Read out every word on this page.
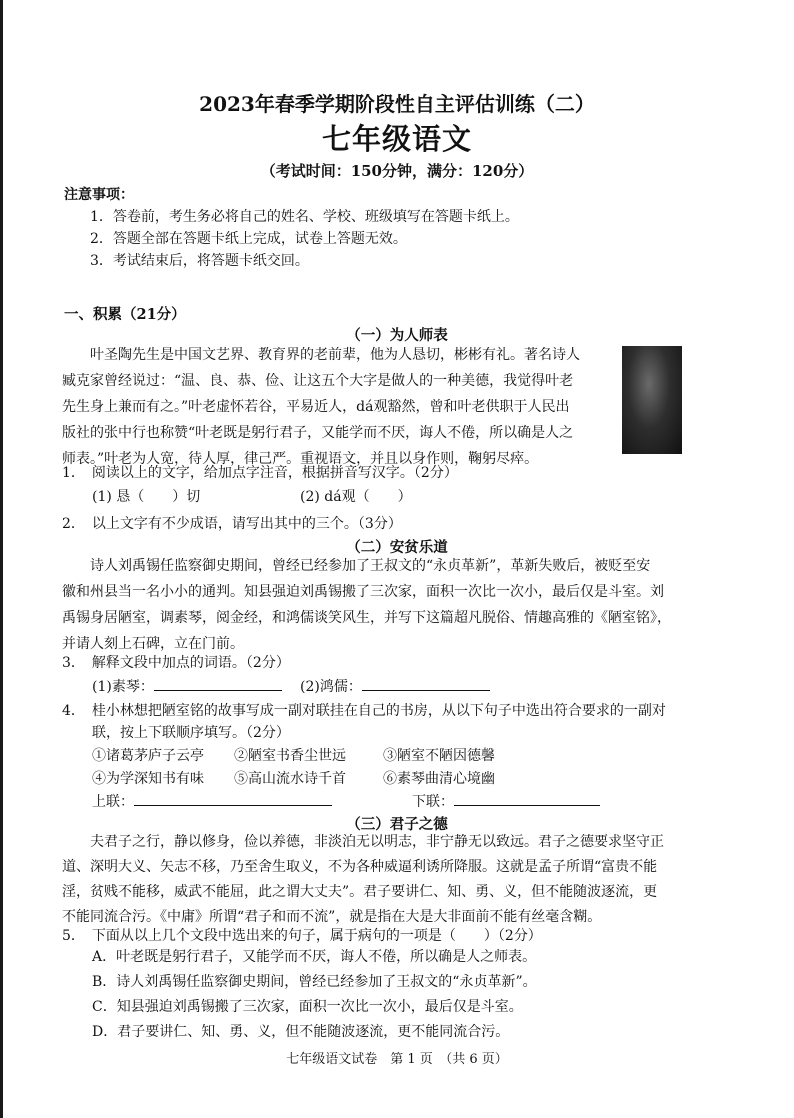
2023年春季学期阶段性自主评估训练（二）
七年级语文
（考试时间：150分钟，满分：120分）
注意事项：
1．答卷前，考生务必将自己的姓名、学校、班级填写在答题卡纸上。
2．答题全部在答题卡纸上完成，试卷上答题无效。
3．考试结束后，将答题卡纸交回。
一、积累（21分）
（一）为人师表
叶圣陶先生是中国文艺界、教育界的老前辈，他为人恳切，彬彬有礼。著名诗人
臧克家曾经说过：“温、良、恭、俭、让这五个大字是做人的一种美德，我觉得叶老
先生身上兼而有之。”叶老虚怀若谷，平易近人，dá观豁然，曾和叶老供职于人民出
版社的张中行也称赞“叶老既是躬行君子，又能学而不厌，诲人不倦，所以确是人之
师表。”叶老为人宽，待人厚，律己严。重视语文，并且以身作则，鞠躬尽瘁。
1．　阅读以上的文字，给加点字注音，根据拼音写汉字。（2分）
(1) 恳（　　）切	(2) dá观（　　）
2．　以上文字有不少成语，请写出其中的三个。（3分）
（二）安贫乐道
诗人刘禹锡任监察御史期间，曾经已经参加了王叔文的“永贞革新”，革新失败后，被贬至安
徽和州县当一名小小的通判。知县强迫刘禹锡搬了三次家，面积一次比一次小，最后仅是斗室。刘
禹锡身居陋室，调素琴，阅金经，和鸿儒谈笑风生，并写下这篇超凡脱俗、情趣高雅的《陋室铭》，
并请人刻上石碑，立在门前。
3．　解释文段中加点的词语。（2分）
(1)素琴：	(2)鸿儒：
4．　桂小林想把陋室铭的故事写成一副对联挂在自己的书房，从以下句子中选出符合要求的一副对
联，按上下联顺序填写。（2分）
①诸葛茅庐子云亭 ②陋室书香尘世远	③陋室不陋因德馨
④为学深知书有味 ⑤高山流水诗千首	⑥素琴曲清心境幽
上联：	下联：
（三）君子之德
夫君子之行，静以修身，俭以养德，非淡泊无以明志，非宁静无以致远。君子之德要求坚守正
道、深明大义、矢志不移，乃至舍生取义，不为各种威逼利诱所降服。这就是孟子所谓“富贵不能
淫，贫贱不能移，威武不能屈，此之谓大丈夫”。君子要讲仁、知、勇、义，但不能随波逐流，更
不能同流合污。《中庸》所谓“君子和而不流”，就是指在大是大非面前不能有丝毫含糊。
5．　下面从以上几个文段中选出来的句子，属于病句的一项是（　　）（2分）
A．叶老既是躬行君子，又能学而不厌，诲人不倦，所以确是人之师表。
B．诗人刘禹锡任监察御史期间，曾经已经参加了王叔文的“永贞革新”。
C．知县强迫刘禹锡搬了三次家，面积一次比一次小，最后仅是斗室。
D．君子要讲仁、知、勇、义，但不能随波逐流，更不能同流合污。
七年级语文试卷　第 1 页　（共 6 页）
